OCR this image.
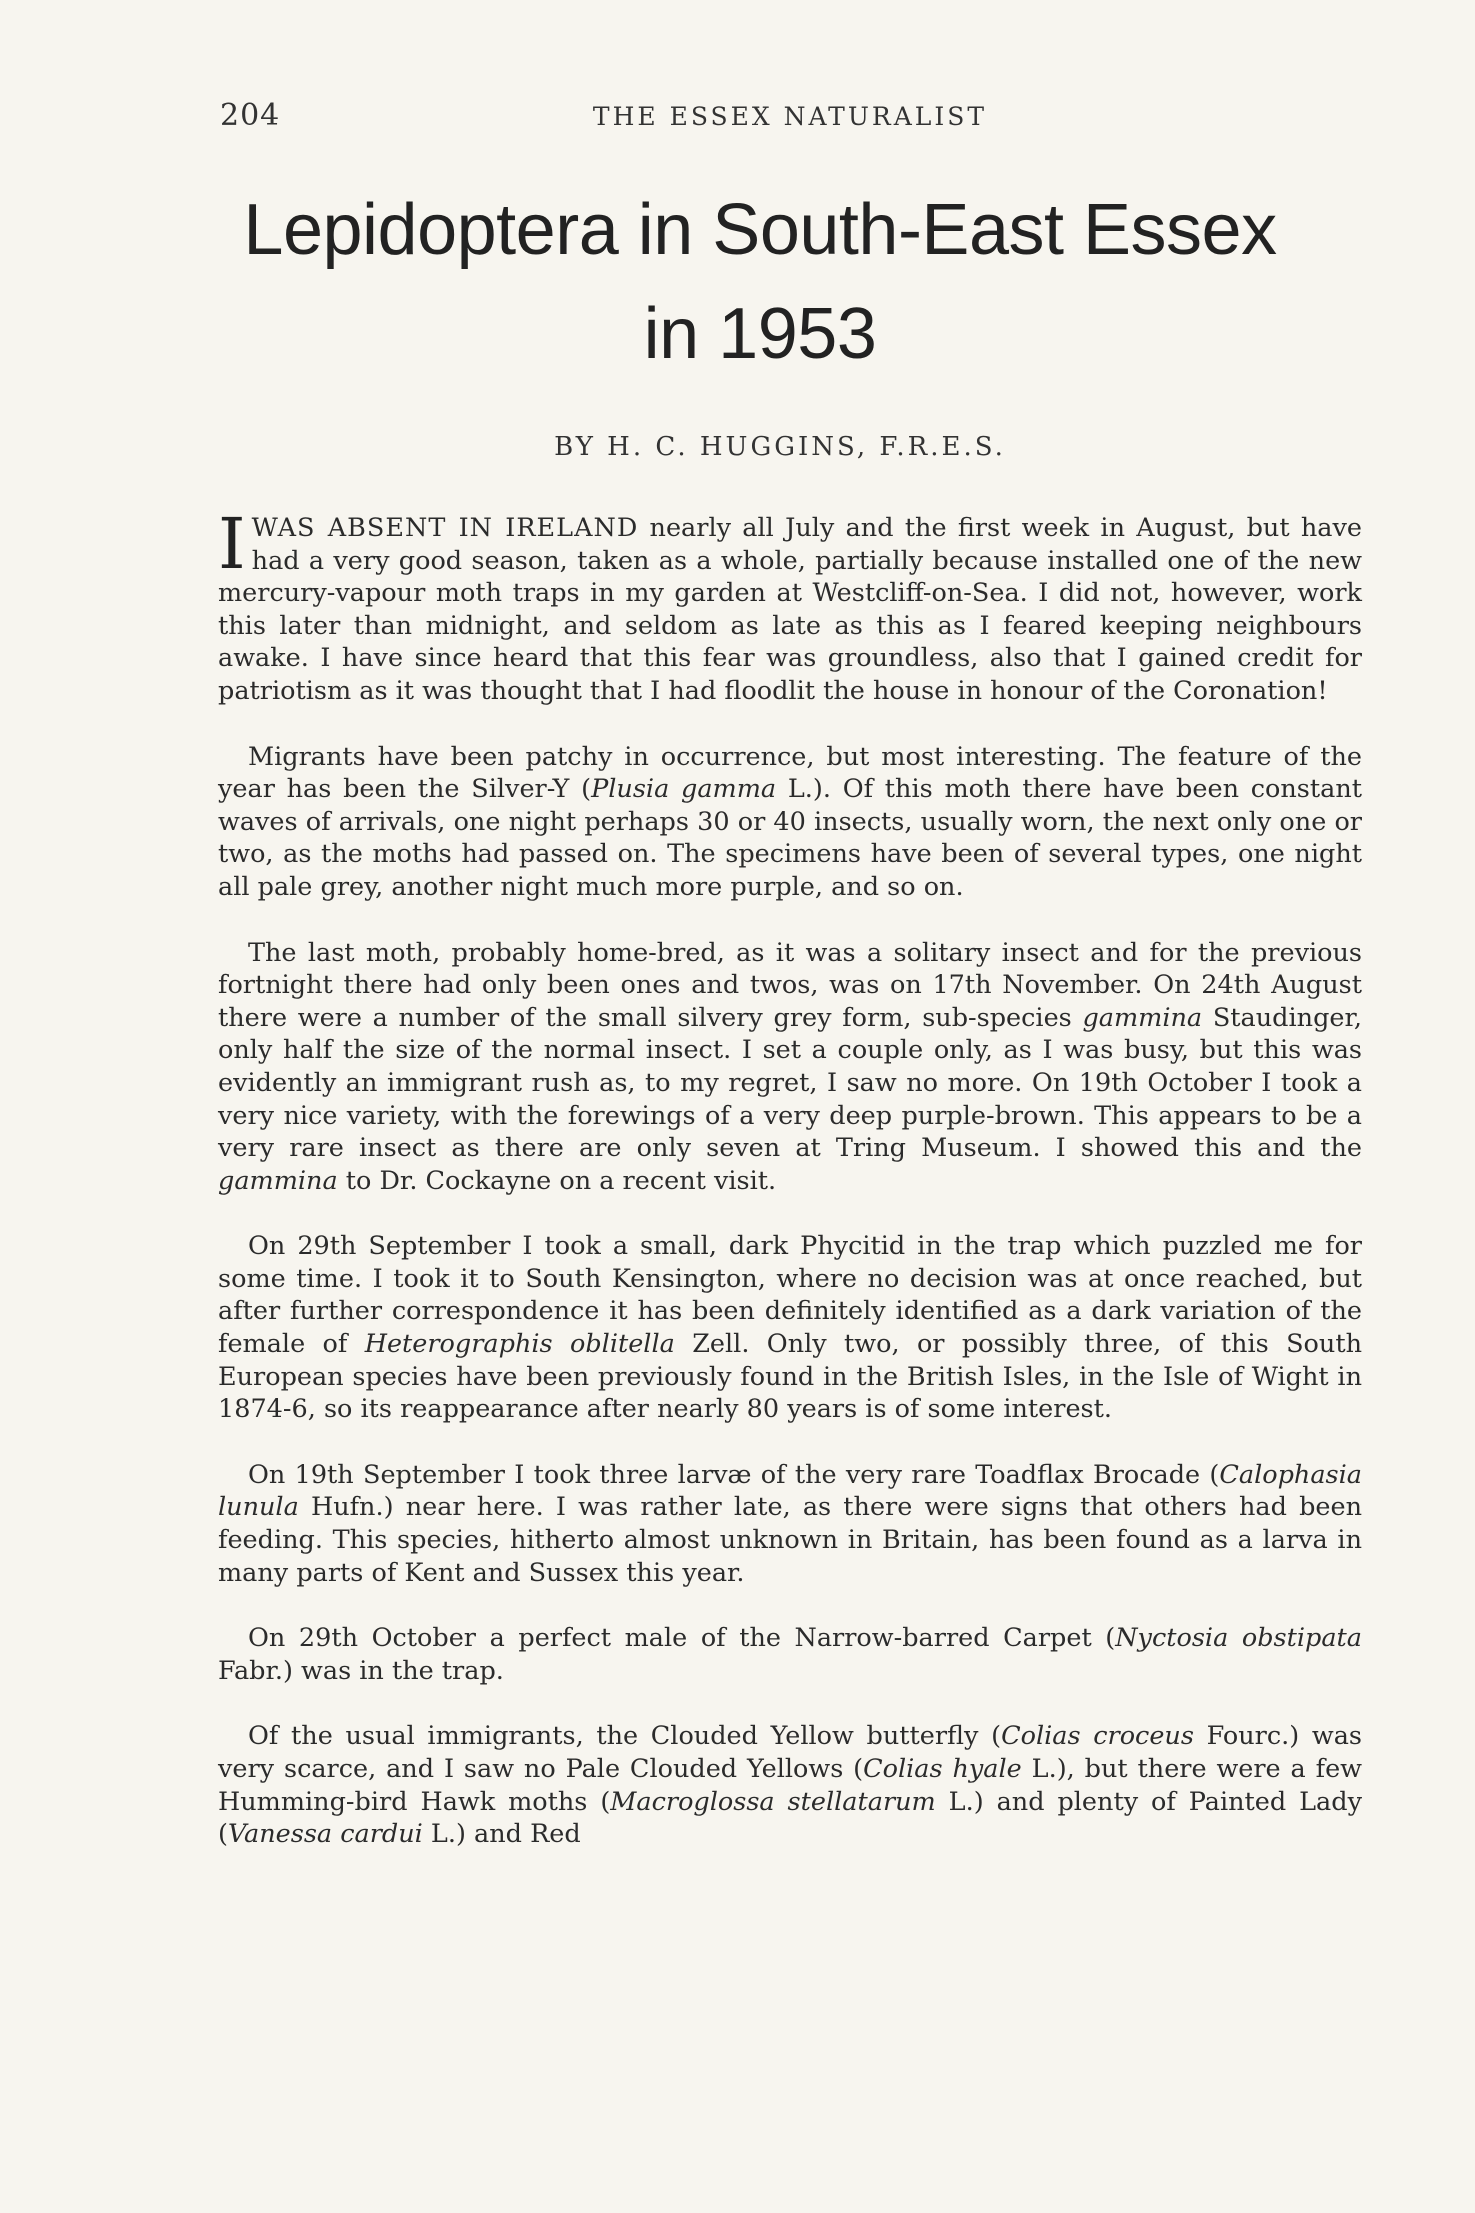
204	THE ESSEX NATURALIST
Lepidoptera in South-East Essex
in 1953
BY H. C. HUGGINS, F.R.E.S.

IWAS ABSENT IN IRELAND nearly all July and the first week in August, but have had a very good season, taken as a whole, partially because installed one of the new mercury-vapour moth traps in my garden at Westcliff-on-Sea. I did not, however, work this later than midnight, and seldom as late as this as I feared keeping neighbours awake. I have since heard that this fear was groundless, also that I gained credit for patriotism as it was thought that I had floodlit the house in honour of the Coronation!

Migrants have been patchy in occurrence, but most interesting. The feature of the year has been the Silver-Y (Plusia gamma L.). Of this moth there have been constant waves of arrivals, one night perhaps 30 or 40 insects, usually worn, the next only one or two, as the moths had passed on. The specimens have been of several types, one night all pale grey, another night much more purple, and so on.

The last moth, probably home-bred, as it was a solitary insect and for the previous fortnight there had only been ones and twos, was on 17th November. On 24th August there were a number of the small silvery grey form, sub-species gammina Staudinger, only half the size of the normal insect. I set a couple only, as I was busy, but this was evidently an immigrant rush as, to my regret, I saw no more. On 19th October I took a very nice variety, with the forewings of a very deep purple-brown. This appears to be a very rare insect as there are only seven at Tring Museum. I showed this and the gammina to Dr. Cockayne on a recent visit.

On 29th September I took a small, dark Phycitid in the trap which puzzled me for some time. I took it to South Kensington, where no decision was at once reached, but after further correspondence it has been definitely identified as a dark variation of the female of Heterographis oblitella Zell. Only two, or possibly three, of this South European species have been previously found in the British Isles, in the Isle of Wight in 1874-6, so its reappearance after nearly 80 years is of some interest.

On 19th September I took three larvæ of the very rare Toadflax Brocade (Calophasia lunula Hufn.) near here. I was rather late, as there were signs that others had been feeding. This species, hitherto almost unknown in Britain, has been found as a larva in many parts of Kent and Sussex this year.

On 29th October a perfect male of the Narrow-barred Carpet (Nyctosia obstipata Fabr.) was in the trap.

Of the usual immigrants, the Clouded Yellow butterfly (Colias croceus Fourc.) was very scarce, and I saw no Pale Clouded Yellows (Colias hyale L.), but there were a few Humming-bird Hawk moths (Macroglossa stellatarum L.) and plenty of Painted Lady (Vanessa cardui L.) and Red
